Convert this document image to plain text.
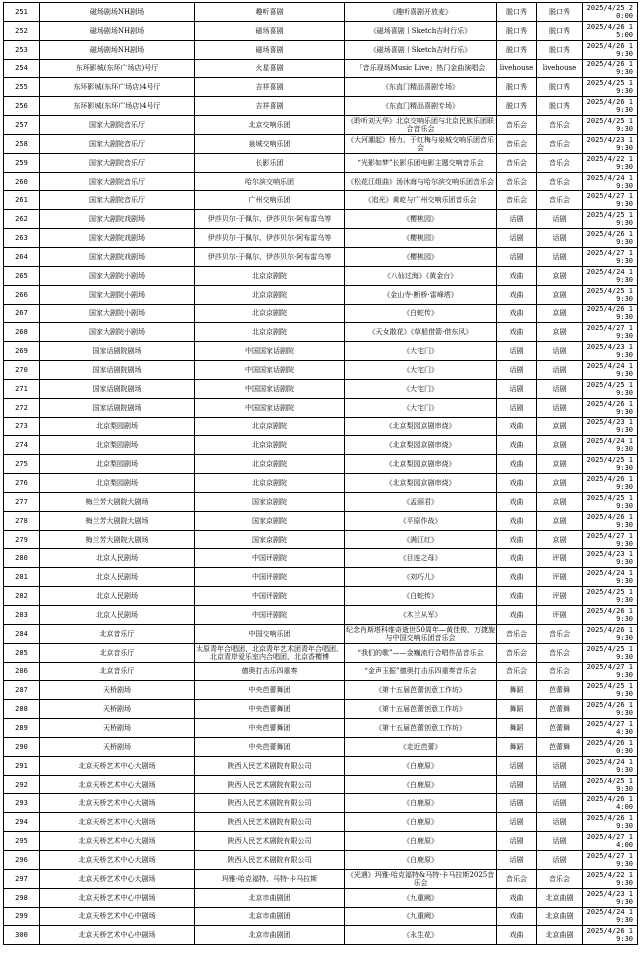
251	磁场剧场NH剧场	趣听喜剧	《趣听喜剧开放麦》	脱口秀	脱口秀	2025/4/25 20:00
252	磁场剧场NH剧场	磁场喜剧	《磁场喜剧丨Sketch吉时行乐》	脱口秀	脱口秀	2025/4/26 15:00
253	磁场剧场NH剧场	磁场喜剧	《磁场喜剧丨Sketch吉时行乐》	脱口秀	脱口秀	2025/4/26 19:30
254	东环影城(东环广场店)号厅	火星喜剧	「音乐现场Music Live」热门金曲演唱会	livehouse	livehouse	2025/4/26 19:30
255	东环影城(东环广场店)4号厅	吉祥喜剧	《东直门精品喜剧专场》	脱口秀	脱口秀	2025/4/25 19:30
256	东环影城(东环广场店)4号厅	吉祥喜剧	《东直门精品喜剧专场》	脱口秀	脱口秀	2025/4/26 19:30
257	国家大剧院音乐厅	北京交响乐团	《聆听刘天华》北京交响乐团与北京民族乐团联合音乐会	音乐会	音乐会	2025/4/25 19:30
258	国家大剧院音乐厅	泉城交响乐团	《大河潮起》杨力、于红梅与泉城交响乐团音乐会	音乐会	音乐会	2025/4/23 19:30
259	国家大剧院音乐厅	长影乐团	“光影如梦”长影乐团电影主题交响音乐会	音乐会	音乐会	2025/4/22 19:30
260	国家大剧院音乐厅	哈尔滨交响乐团	《松花江组曲》汤沐海与哈尔滨交响乐团音乐会	音乐会	音乐会	2025/4/24 19:30
261	国家大剧院音乐厅	广州交响乐团	《追光》黄屹与广州交响乐团音乐会	音乐会	音乐会	2025/4/27 19:30
262	国家大剧院戏剧场	伊莎贝尔·于佩尔、伊莎贝尔·阿布雷乌等	《樱桃园》	话剧	话剧	2025/4/25 19:30
263	国家大剧院戏剧场	伊莎贝尔·于佩尔、伊莎贝尔·阿布雷乌等	《樱桃园》	话剧	话剧	2025/4/26 19:30
264	国家大剧院戏剧场	伊莎贝尔·于佩尔、伊莎贝尔·阿布雷乌等	《樱桃园》	话剧	话剧	2025/4/27 19:30
265	国家大剧院小剧场	北京京剧院	《八仙过海》《黄金台》	戏曲	京剧	2025/4/24 19:30
266	国家大剧院小剧场	北京京剧院	《金山寺·断桥·雷峰塔》	戏曲	京剧	2025/4/25 19:30
267	国家大剧院小剧场	北京京剧院	《白蛇传》	戏曲	京剧	2025/4/26 19:30
268	国家大剧院小剧场	北京京剧院	《天女散花》《草船借箭·借东风》	戏曲	京剧	2025/4/27 19:30
269	国家话剧院剧场	中国国家话剧院	《大宅门》	话剧	话剧	2025/4/23 19:30
270	国家话剧院剧场	中国国家话剧院	《大宅门》	话剧	话剧	2025/4/24 19:30
271	国家话剧院剧场	中国国家话剧院	《大宅门》	话剧	话剧	2025/4/25 19:30
272	国家话剧院剧场	中国国家话剧院	《大宅门》	话剧	话剧	2025/4/26 19:30
273	北京梨园剧场	北京京剧院	《北京梨园京剧串烧》	戏曲	京剧	2025/4/23 19:30
274	北京梨园剧场	北京京剧院	《北京梨园京剧串烧》	戏曲	京剧	2025/4/24 19:30
275	北京梨园剧场	北京京剧院	《北京梨园京剧串烧》	戏曲	京剧	2025/4/25 19:30
276	北京梨园剧场	北京京剧院	《北京梨园京剧串烧》	戏曲	京剧	2025/4/26 19:30
277	梅兰芳大剧院大剧场	国家京剧院	《孟丽君》	戏曲	京剧	2025/4/25 19:30
278	梅兰芳大剧院大剧场	国家京剧院	《平原作战》	戏曲	京剧	2025/4/26 19:30
279	梅兰芳大剧院大剧场	国家京剧院	《满江红》	戏曲	京剧	2025/4/27 19:30
280	北京人民剧场	中国评剧院	《目连之母》	戏曲	评剧	2025/4/23 19:30
281	北京人民剧场	中国评剧院	《刘巧儿》	戏曲	评剧	2025/4/24 19:30
282	北京人民剧场	中国评剧院	《白蛇传》	戏曲	评剧	2025/4/25 19:30
283	北京人民剧场	中国评剧院	《木兰从军》	戏曲	评剧	2025/4/26 19:30
284	北京音乐厅	中国交响乐团	纪念肖斯塔科维奇逝世50周年—黄佳俊、万捷旎与中国交响乐团音乐会	音乐会	音乐会	2025/4/26 19:30
285	北京音乐厅	太原青年合唱团、北京青年艺术团青年合唱团、北京青岸爱乐室内合唱团、北京香樱博	“我们的歌”——金巍流行合唱作品音乐会	音乐会	音乐会	2025/4/25 19:30
286	北京音乐厅	德奥打击乐四重奏	“金声玉振”德奥打击乐四重奏音乐会	音乐会	音乐会	2025/4/27 19:30
287	天桥剧场	中央芭蕾舞团	《第十五届芭蕾创意工作坊》	舞蹈	芭蕾舞	2025/4/25 19:30
288	天桥剧场	中央芭蕾舞团	《第十五届芭蕾创意工作坊》	舞蹈	芭蕾舞	2025/4/26 19:30
289	天桥剧场	中央芭蕾舞团	《第十五届芭蕾创意工作坊》	舞蹈	芭蕾舞	2025/4/27 14:30
290	天桥剧场	中央芭蕾舞团	《走近芭蕾》	舞蹈	芭蕾舞	2025/4/26 10:30
291	北京天桥艺术中心大剧场	陕西人民艺术剧院有限公司	《白鹿原》	话剧	话剧	2025/4/24 19:30
292	北京天桥艺术中心大剧场	陕西人民艺术剧院有限公司	《白鹿原》	话剧	话剧	2025/4/25 19:30
293	北京天桥艺术中心大剧场	陕西人民艺术剧院有限公司	《白鹿原》	话剧	话剧	2025/4/26 14:00
294	北京天桥艺术中心大剧场	陕西人民艺术剧院有限公司	《白鹿原》	话剧	话剧	2025/4/26 19:30
295	北京天桥艺术中心大剧场	陕西人民艺术剧院有限公司	《白鹿原》	话剧	话剧	2025/4/27 14:00
296	北京天桥艺术中心大剧场	陕西人民艺术剧院有限公司	《白鹿原》	话剧	话剧	2025/4/27 19:30
297	北京天桥艺术中心大剧场	玛雅·哈克福特、马特·卡马拉斯	《光遇》玛雅·哈克福特&马特·卡马拉斯2025音乐会	音乐会	音乐会	2025/4/22 19:30
298	北京天桥艺术中心中剧场	北京市曲剧团	《九重阙》	戏曲	北京曲剧	2025/4/23 19:30
299	北京天桥艺术中心中剧场	北京市曲剧团	《九重阙》	戏曲	北京曲剧	2025/4/24 19:30
300	北京天桥艺术中心中剧场	北京市曲剧团	《永生花》	戏曲	北京曲剧	2025/4/26 19:30
